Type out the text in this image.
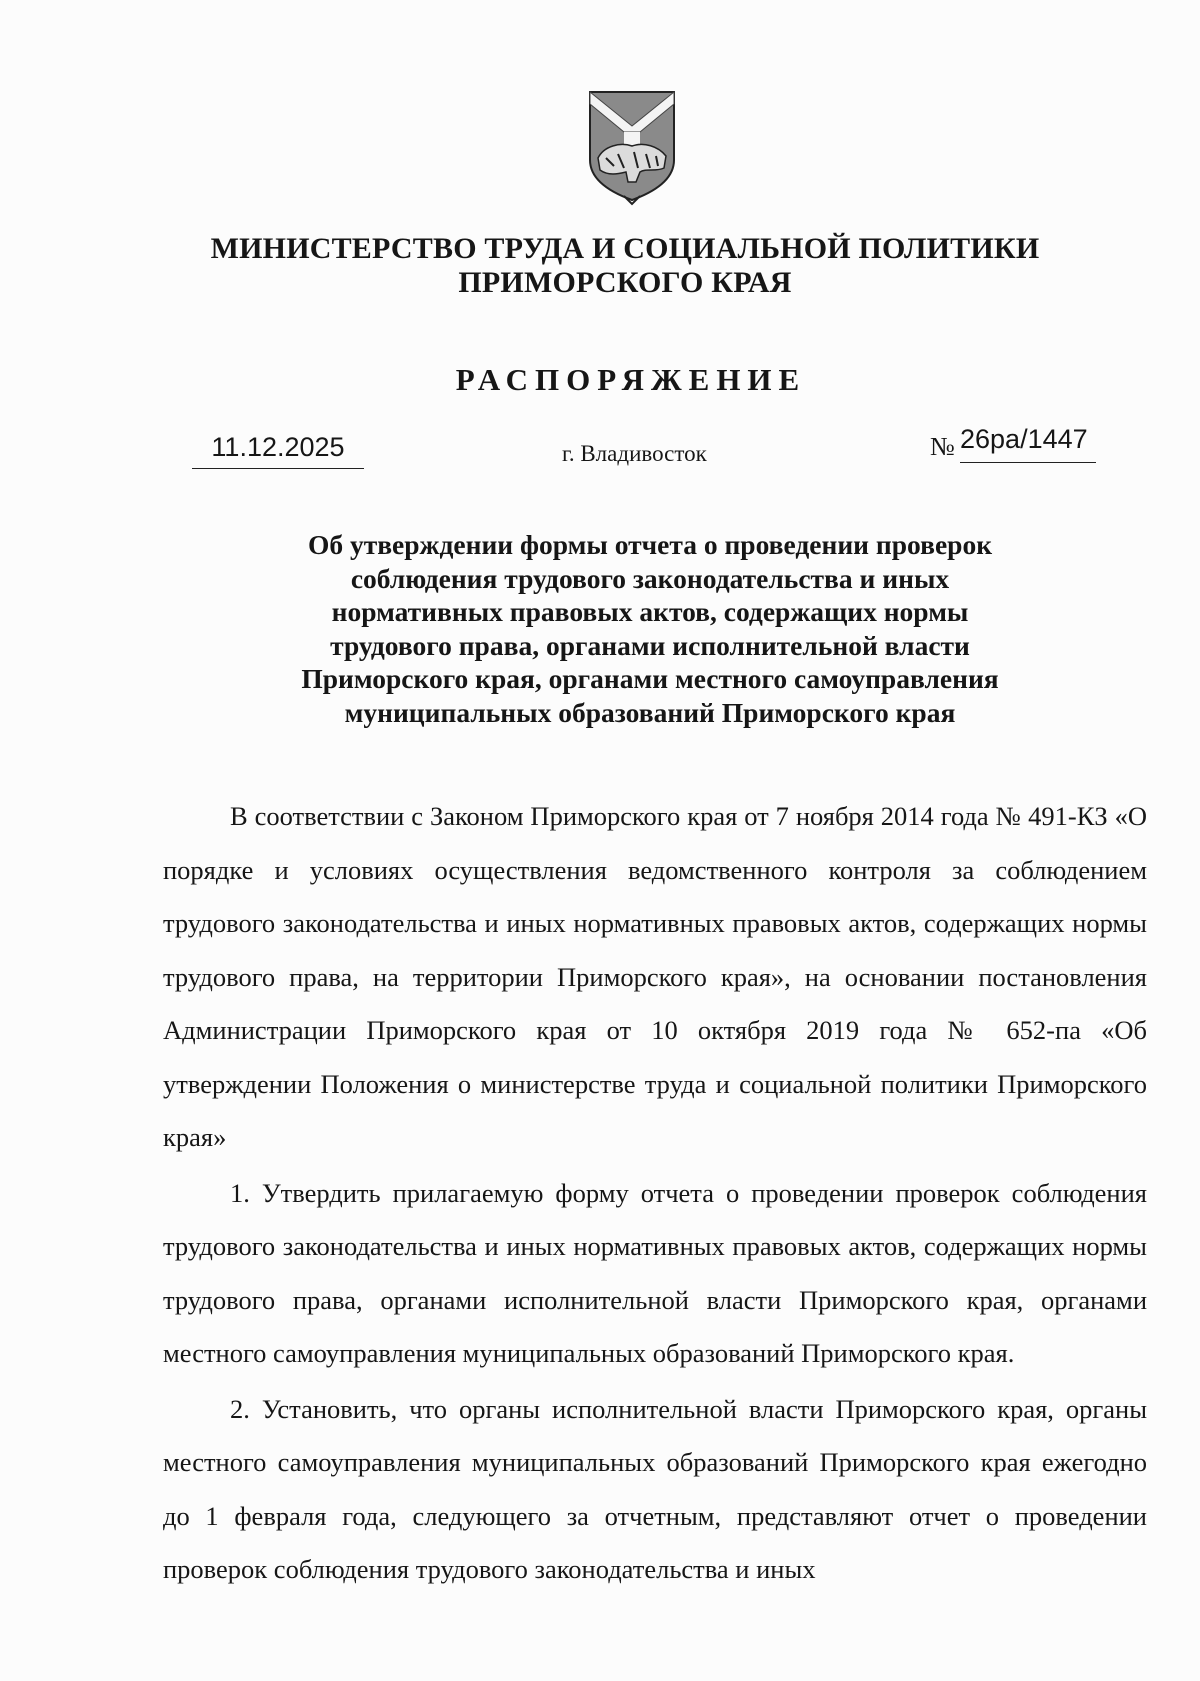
МИНИСТЕРСТВО ТРУДА И СОЦИАЛЬНОЙ ПОЛИТИКИ
ПРИМОРСКОГО КРАЯ
РАСПОРЯЖЕНИЕ
11.12.2025	г. Владивосток	№ 26ра/1447
Об утверждении формы отчета о проведении проверок
соблюдения трудового законодательства и иных
нормативных правовых актов, содержащих нормы
трудового права, органами исполнительной власти
Приморского края, органами местного самоуправления
муниципальных образований Приморского края

В соответствии с Законом Приморского края от 7 ноября 2014 года № 491-КЗ «О порядке и условиях осуществления ведомственного контроля за соблюдением трудового законодательства и иных нормативных правовых актов, содержащих нормы трудового права, на территории Приморского края», на основании постановления Администрации Приморского края от 10 октября 2019 года № 652-па «Об утверждении Положения о министерстве труда и социальной политики Приморского края»

1. Утвердить прилагаемую форму отчета о проведении проверок соблюдения трудового законодательства и иных нормативных правовых актов, содержащих нормы трудового права, органами исполнительной власти Приморского края, органами местного самоуправления муниципальных образований Приморского края.

2. Установить, что органы исполнительной власти Приморского края, органы местного самоуправления муниципальных образований Приморского края ежегодно до 1 февраля года, следующего за отчетным, представляют отчет о проведении проверок соблюдения трудового законодательства и иных
